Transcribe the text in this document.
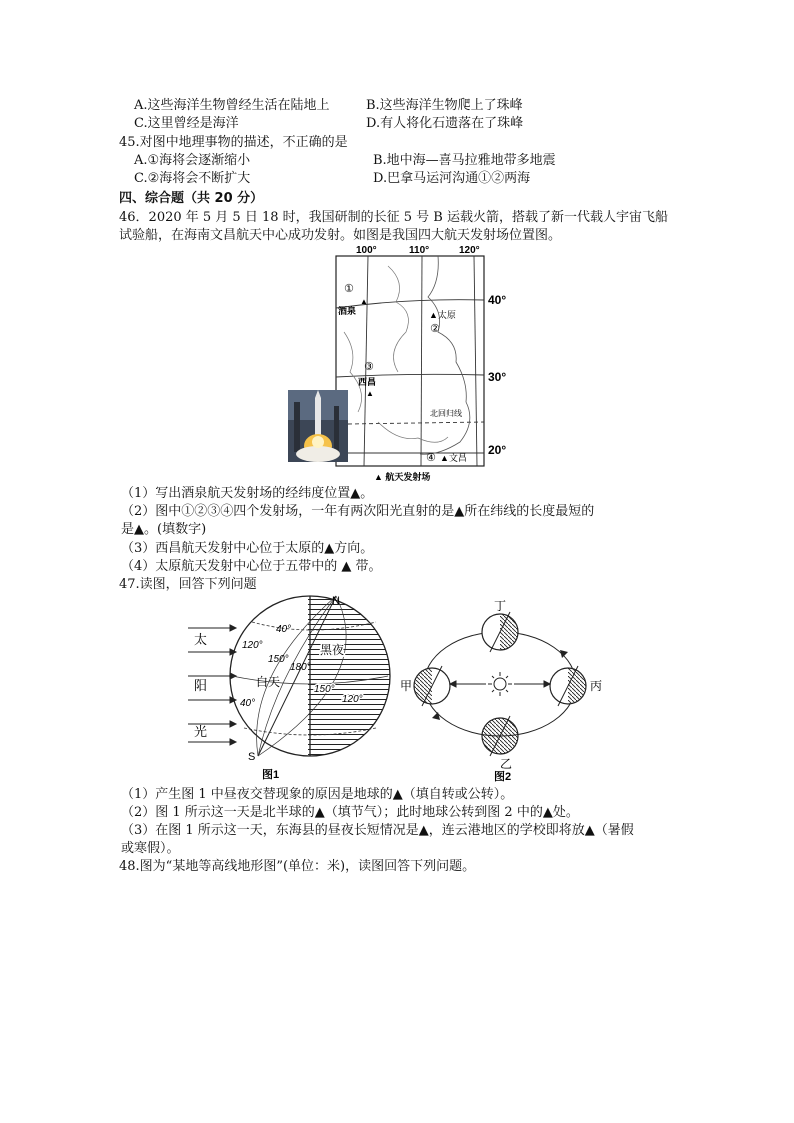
A.这些海洋生物曾经生活在陆地上	B.这些海洋生物爬上了珠峰
C.这里曾经是海洋	D.有人将化石遗落在了珠峰
45.对图中地理事物的描述，不正确的是
A.①海将会逐渐缩小	B.地中海—喜马拉雅地带多地震
C.②海将会不断扩大	D.巴拿马运河沟通①②两海
四、综合题（共 20 分）
46．2020 年 5 月 5 日 18 时，我国研制的长征 5 号 B 运载火箭，搭载了新一代载人宇宙飞船
试验船，在海南文昌航天中心成功发射。如图是我国四大航天发射场位置图。
100°	110°	120°
40°
30°
20°
①
▲
酒泉	▲太原
②
③
西昌
▲
北回归线
④ ▲文昌
▲ 航天发射场
（1）写出酒泉航天发射场的经纬度位置▲。
（2）图中①②③④四个发射场，一年有两次阳光直射的是▲所在纬线的长度最短的
是▲。(填数字)
（3）西昌航天发射中心位于太原的▲方向。
（4）太原航天发射中心位于五带中的 ▲ 带。
47.读图，回答下列问题
太
阳
光
N
S
40°
120°
150°
180°
黑夜
白天
150°
120°
40°
图1
丁
甲	丙
乙
图2
（1）产生图 1 中昼夜交替现象的原因是地球的▲（填自转或公转）。
（2）图 1 所示这一天是北半球的▲（填节气）；此时地球公转到图 2 中的▲处。
（3）在图 1 所示这一天，东海县的昼夜长短情况是▲，连云港地区的学校即将放▲（暑假
或寒假）。
48.图为“某地等高线地形图”(单位：米)，读图回答下列问题。
